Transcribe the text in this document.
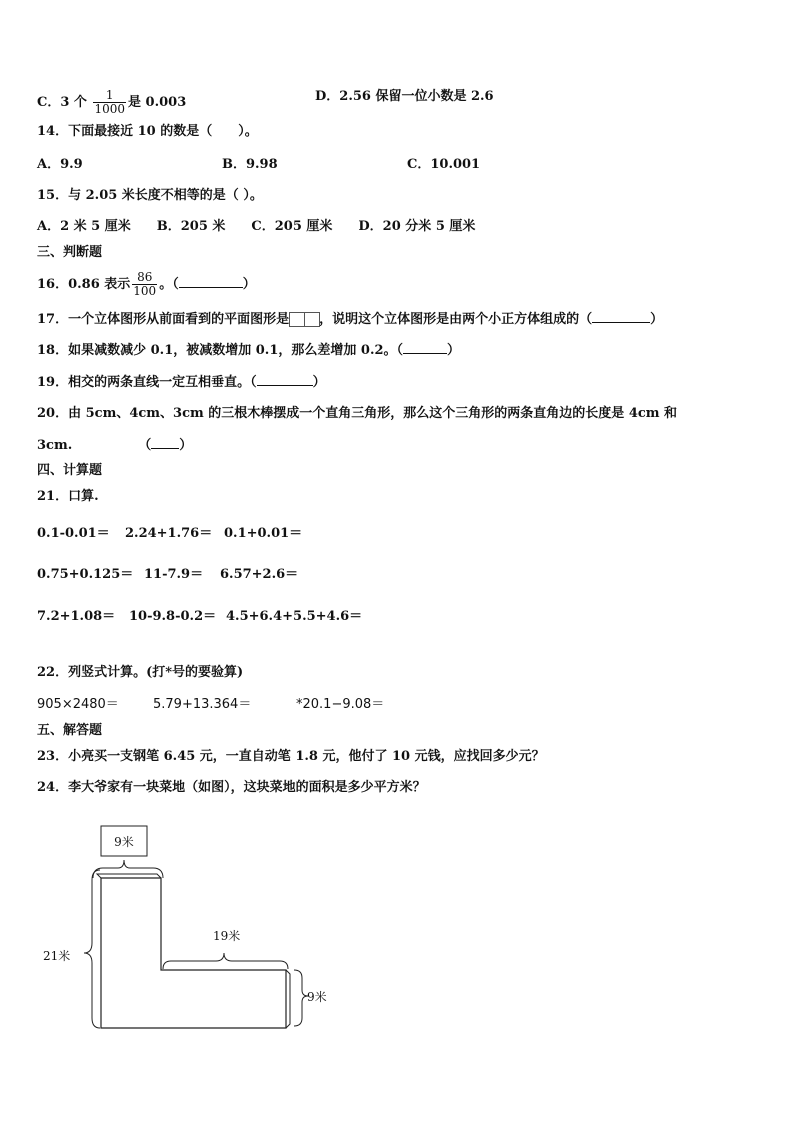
C．3 个 $\frac{1}{1000}$ 是 0.003	D．2.56 保留一位小数是 2.6
14．下面最接近 10 的数是（　　）。
A．9.9	B．9.98	C．10.001
15．与 2.05 米长度不相等的是（ ）。
A．2 米 5 厘米　　B．205 米　　C．205 厘米　　D．20 分米 5 厘米
三、判断题
16．0.86 表示 $\frac{86}{100}$ 。（	）
17．一个立体图形从前面看到的平面图形是 ，说明这个立体图形是由两个小正方体组成的（	）
18．如果减数减少 0.1，被减数增加 0.1，那么差增加 0.2。（	）
19．相交的两条直线一定互相垂直。（	）
20．由 5cm、4cm、3cm 的三根木棒摆成一个直角三角形，那么这个三角形的两条直角边的长度是 4cm 和
3cm.	（ ）
四、计算题
21．口算.
0.1-0.01＝ 2.24+1.76＝ 0.1+0.01＝
0.75+0.125＝ 11-7.9＝ 6.57+2.6＝
7.2+1.08＝ 10-9.8-0.2＝ 4.5+6.4+5.5+4.6＝
22．列竖式计算。(打*号的要验算)
905×2480＝	5.79+13.364＝	*20.1−9.08＝
五、解答题
23．小亮买一支钢笔 6.45 元，一直自动笔 1.8 元，他付了 10 元钱，应找回多少元？
24．李大爷家有一块菜地（如图），这块菜地的面积是多少平方米？
9米
21米
19米
9米
